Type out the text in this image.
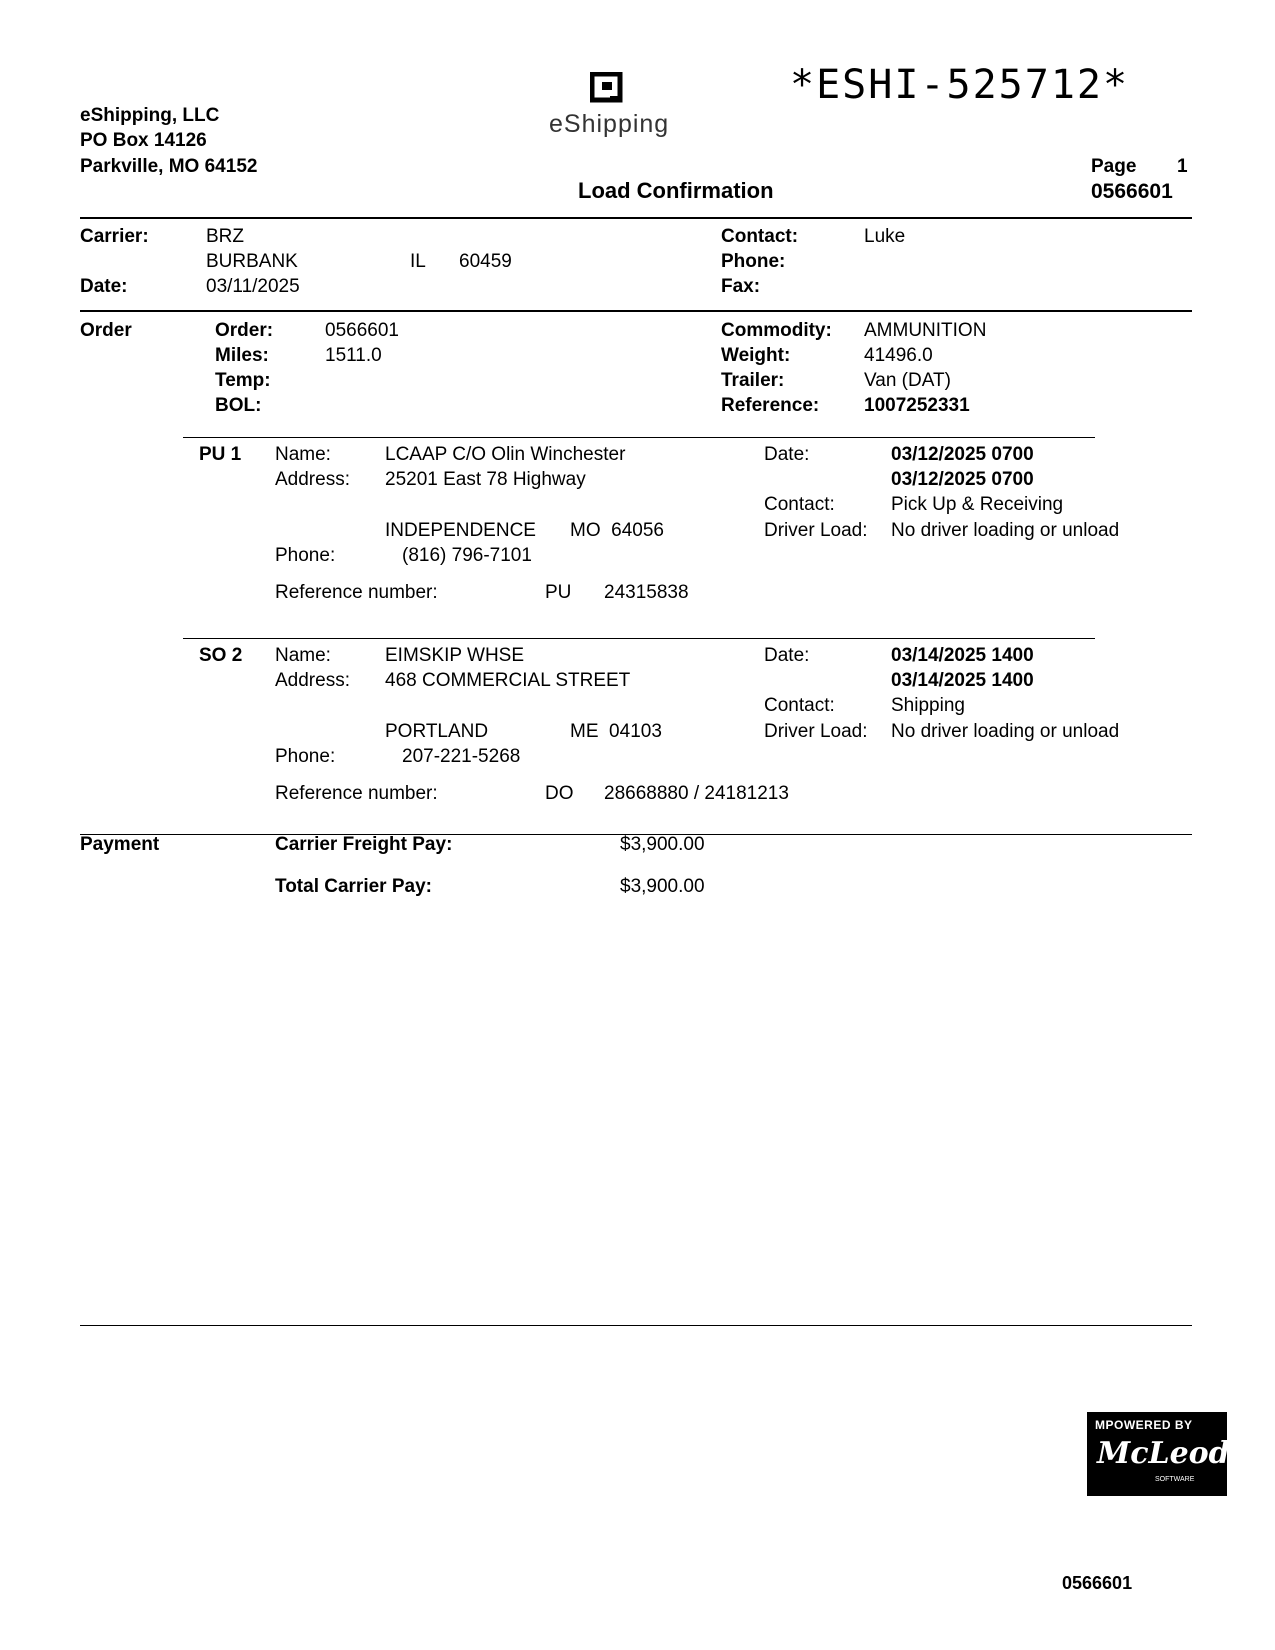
eShipping, LLC
PO Box 14126
Parkville, MO 64152
eShipping
*ESHI-525712*
Load Confirmation
Page 1
0566601
Carrier:	BRZ
BURBANK	IL 60459
Date:	03/11/2025
Contact:	Luke
Phone:
Fax:
Order	Order:	0566601
Miles:	1511.0
Temp:
BOL:
Commodity: AMMUNITION
Weight:	41496.0
Trailer:	Van (DAT)
Reference: 1007252331
PU 1 Name:	LCAAP C/O Olin Winchester
Address: 25201 East 78 Highway
INDEPENDENCE MO  64056
Phone:	(816) 796-7101
Reference number:	PU 24315838
Date:	03/12/2025 0700
03/12/2025 0700
Contact:	Pick Up & Receiving
Driver Load: No driver loading or unload
SO 2 Name:	EIMSKIP WHSE
Address: 468 COMMERCIAL STREET
PORTLAND	ME  04103
Phone:	207-221-5268
Reference number:	DO 28668880 / 24181213
Date:	03/14/2025 1400
03/14/2025 1400
Contact:	Shipping
Driver Load: No driver loading or unload
Payment	Carrier Freight Pay:	$3,900.00
Total Carrier Pay:	$3,900.00
MPOWERED BY
McLeod
SOFTWARE
0566601
